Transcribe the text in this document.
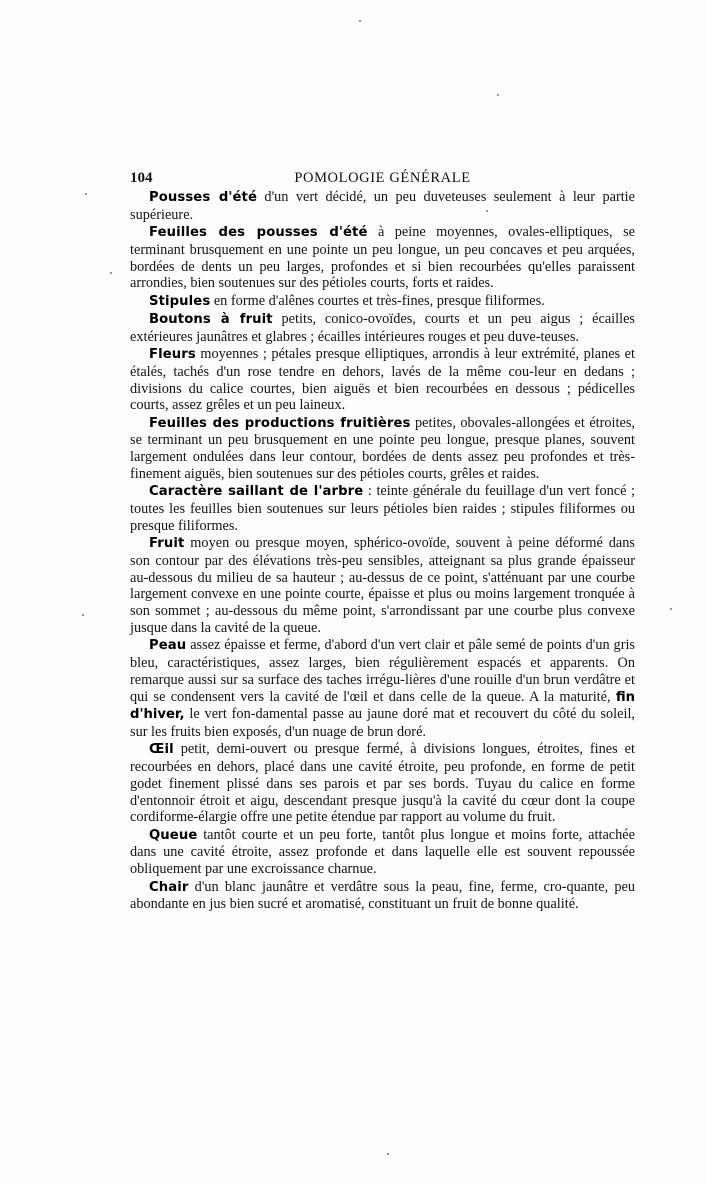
104	POMOLOGIE GÉNÉRALE

Pousses d'été d'un vert décidé, un peu duveteuses seulement à leur partie supérieure.

Feuilles des pousses d'été à peine moyennes, ovales-elliptiques, se terminant brusquement en une pointe un peu longue, un peu concaves et peu arquées, bordées de dents un peu larges, profondes et si bien recourbées qu'elles paraissent arrondies, bien soutenues sur des pétioles courts, forts et raides.

Stipules en forme d'alênes courtes et très-fines, presque filiformes.

Boutons à fruit petits, conico-ovoïdes, courts et un peu aigus ; écailles extérieures jaunâtres et glabres ; écailles intérieures rouges et peu duve-teuses.

Fleurs moyennes ; pétales presque elliptiques, arrondis à leur extrémité, planes et étalés, tachés d'un rose tendre en dehors, lavés de la même cou-leur en dedans ; divisions du calice courtes, bien aiguës et bien recourbées en dessous ; pédicelles courts, assez grêles et un peu laineux.

Feuilles des productions fruitières petites, obovales-allongées et étroites, se terminant un peu brusquement en une pointe peu longue, presque planes, souvent largement ondulées dans leur contour, bordées de dents assez peu profondes et très-finement aiguës, bien soutenues sur des pétioles courts, grêles et raides.

Caractère saillant de l'arbre : teinte générale du feuillage d'un vert foncé ; toutes les feuilles bien soutenues sur leurs pétioles bien raides ; stipules filiformes ou presque filiformes.

Fruit moyen ou presque moyen, sphérico-ovoïde, souvent à peine déformé dans son contour par des élévations très-peu sensibles, atteignant sa plus grande épaisseur au-dessous du milieu de sa hauteur ; au-dessus de ce point, s'atténuant par une courbe largement convexe en une pointe courte, épaisse et plus ou moins largement tronquée à son sommet ; au-dessous du même point, s'arrondissant par une courbe plus convexe jusque dans la cavité de la queue.

Peau assez épaisse et ferme, d'abord d'un vert clair et pâle semé de points d'un gris bleu, caractéristiques, assez larges, bien régulièrement espacés et apparents. On remarque aussi sur sa surface des taches irrégu-lières d'une rouille d'un brun verdâtre et qui se condensent vers la cavité de l'œil et dans celle de la queue. A la maturité, fin d'hiver, le vert fon-damental passe au jaune doré mat et recouvert du côté du soleil, sur les fruits bien exposés, d'un nuage de brun doré.

Œil petit, demi-ouvert ou presque fermé, à divisions longues, étroites, fines et recourbées en dehors, placé dans une cavité étroite, peu profonde, en forme de petit godet finement plissé dans ses parois et par ses bords. Tuyau du calice en forme d'entonnoir étroit et aigu, descendant presque jusqu'à la cavité du cœur dont la coupe cordiforme-élargie offre une petite étendue par rapport au volume du fruit.

Queue tantôt courte et un peu forte, tantôt plus longue et moins forte, attachée dans une cavité étroite, assez profonde et dans laquelle elle est souvent repoussée obliquement par une excroissance charnue.

Chair d'un blanc jaunâtre et verdâtre sous la peau, fine, ferme, cro-quante, peu abondante en jus bien sucré et aromatisé, constituant un fruit de bonne qualité.
